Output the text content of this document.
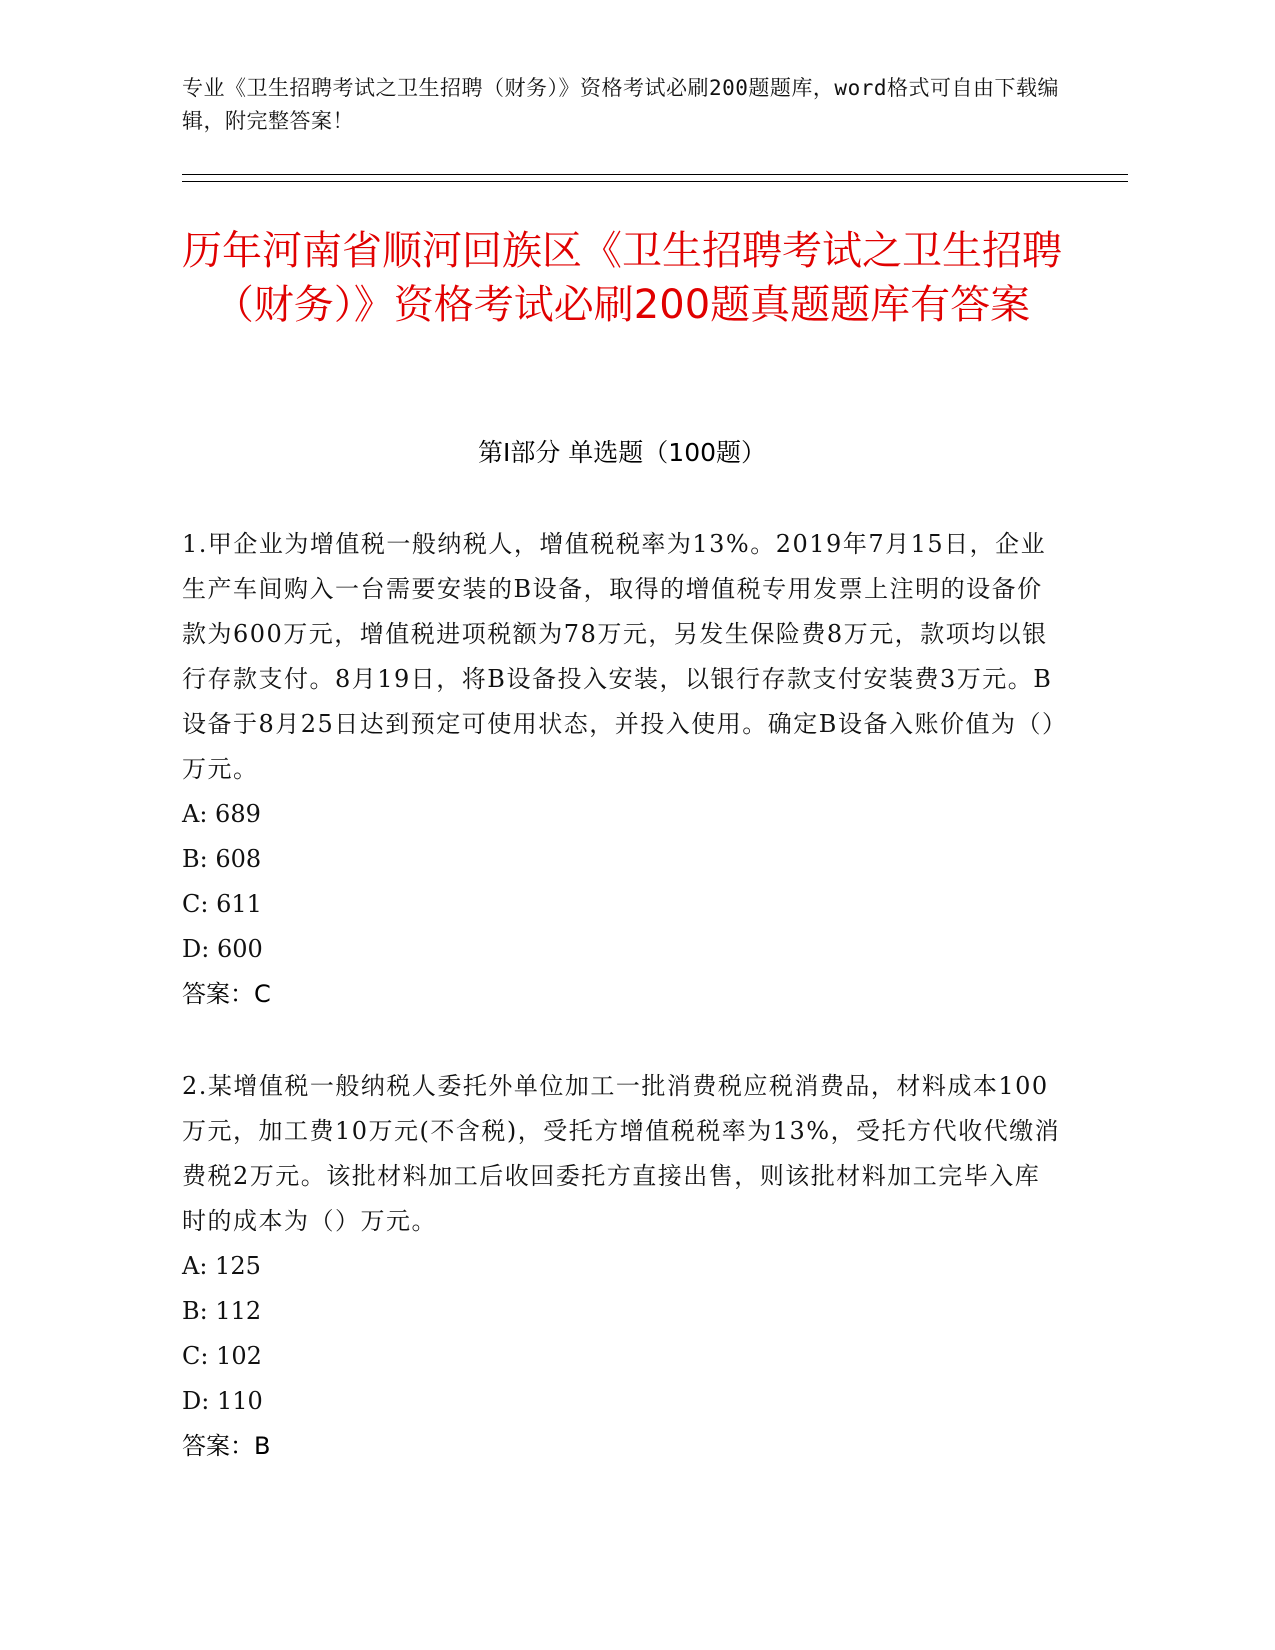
专业《卫生招聘考试之卫生招聘（财务）》资格考试必刷200题题库，word格式可自由下载编辑，附完整答案！
历年河南省顺河回族区《卫生招聘考试之卫生招聘（财务）》资格考试必刷200题真题题库有答案
第Ⅰ部分 单选题（100题）

1.甲企业为增值税一般纳税人，增值税税率为13%。2019年7月15日，企业生产车间购入一台需要安装的B设备，取得的增值税专用发票上注明的设备价款为600万元，增值税进项税额为78万元，另发生保险费8万元，款项均以银行存款支付。8月19日，将B设备投入安装，以银行存款支付安装费3万元。B设备于8月25日达到预定可使用状态，并投入使用。确定B设备入账价值为（）万元。

A: 689

B: 608

C: 611

D: 600

答案：C

2.某增值税一般纳税人委托外单位加工一批消费税应税消费品，材料成本100万元，加工费10万元(不含税)，受托方增值税税率为13%，受托方代收代缴消费税2万元。该批材料加工后收回委托方直接出售，则该批材料加工完毕入库时的成本为（）万元。

A: 125

B: 112

C: 102

D: 110

答案：B
